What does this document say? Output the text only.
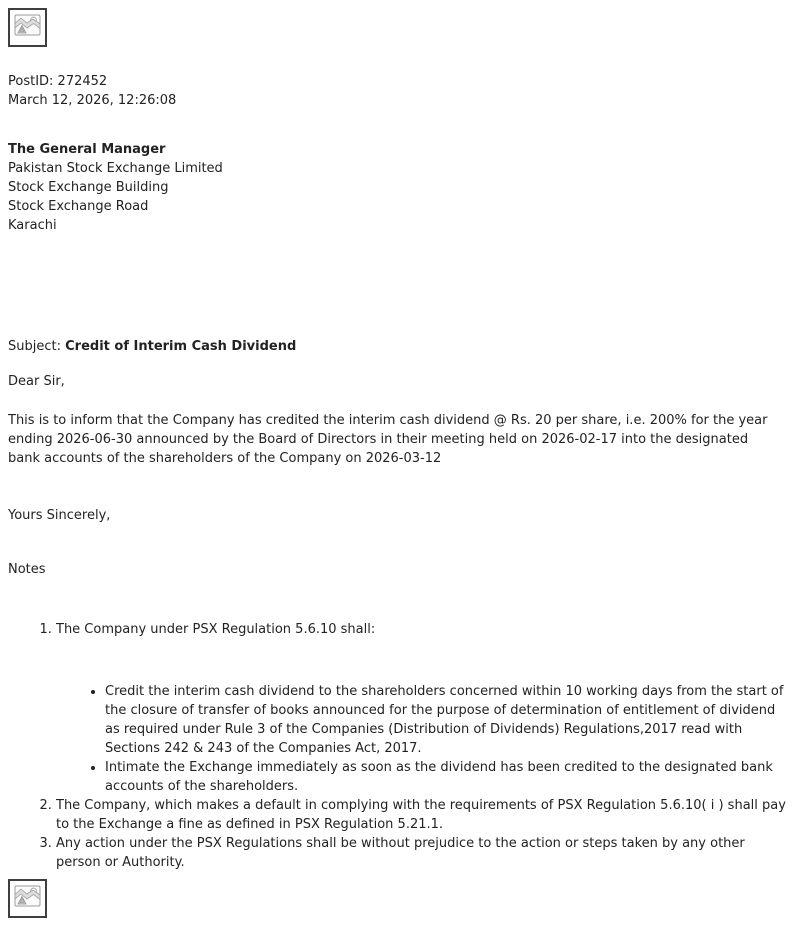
PostID: 272452
March 12, 2026, 12:26:08
The General Manager
Pakistan Stock Exchange Limited
Stock Exchange Building
Stock Exchange Road
Karachi
Subject: Credit of Interim Cash Dividend
Dear Sir,
This is to inform that the Company has credited the interim cash dividend @ Rs. 20 per share, i.e. 200% for the year ending 2026-06-30 announced by the Board of Directors in their meeting held on 2026-02-17 into the designated bank accounts of the shareholders of the Company on 2026-03-12
Yours Sincerely,
Notes
1. The Company under PSX Regulation 5.6.10 shall:
• Credit the interim cash dividend to the shareholders concerned within 10 working days from the start of the closure of transfer of books announced for the purpose of determination of entitlement of dividend as required under Rule 3 of the Companies (Distribution of Dividends) Regulations,2017 read with Sections 242 & 243 of the Companies Act, 2017.
• Intimate the Exchange immediately as soon as the dividend has been credited to the designated bank accounts of the shareholders.
2. The Company, which makes a default in complying with the requirements of PSX Regulation 5.6.10( i ) shall pay to the Exchange a fine as defined in PSX Regulation 5.21.1.
3. Any action under the PSX Regulations shall be without prejudice to the action or steps taken by any other person or Authority.
